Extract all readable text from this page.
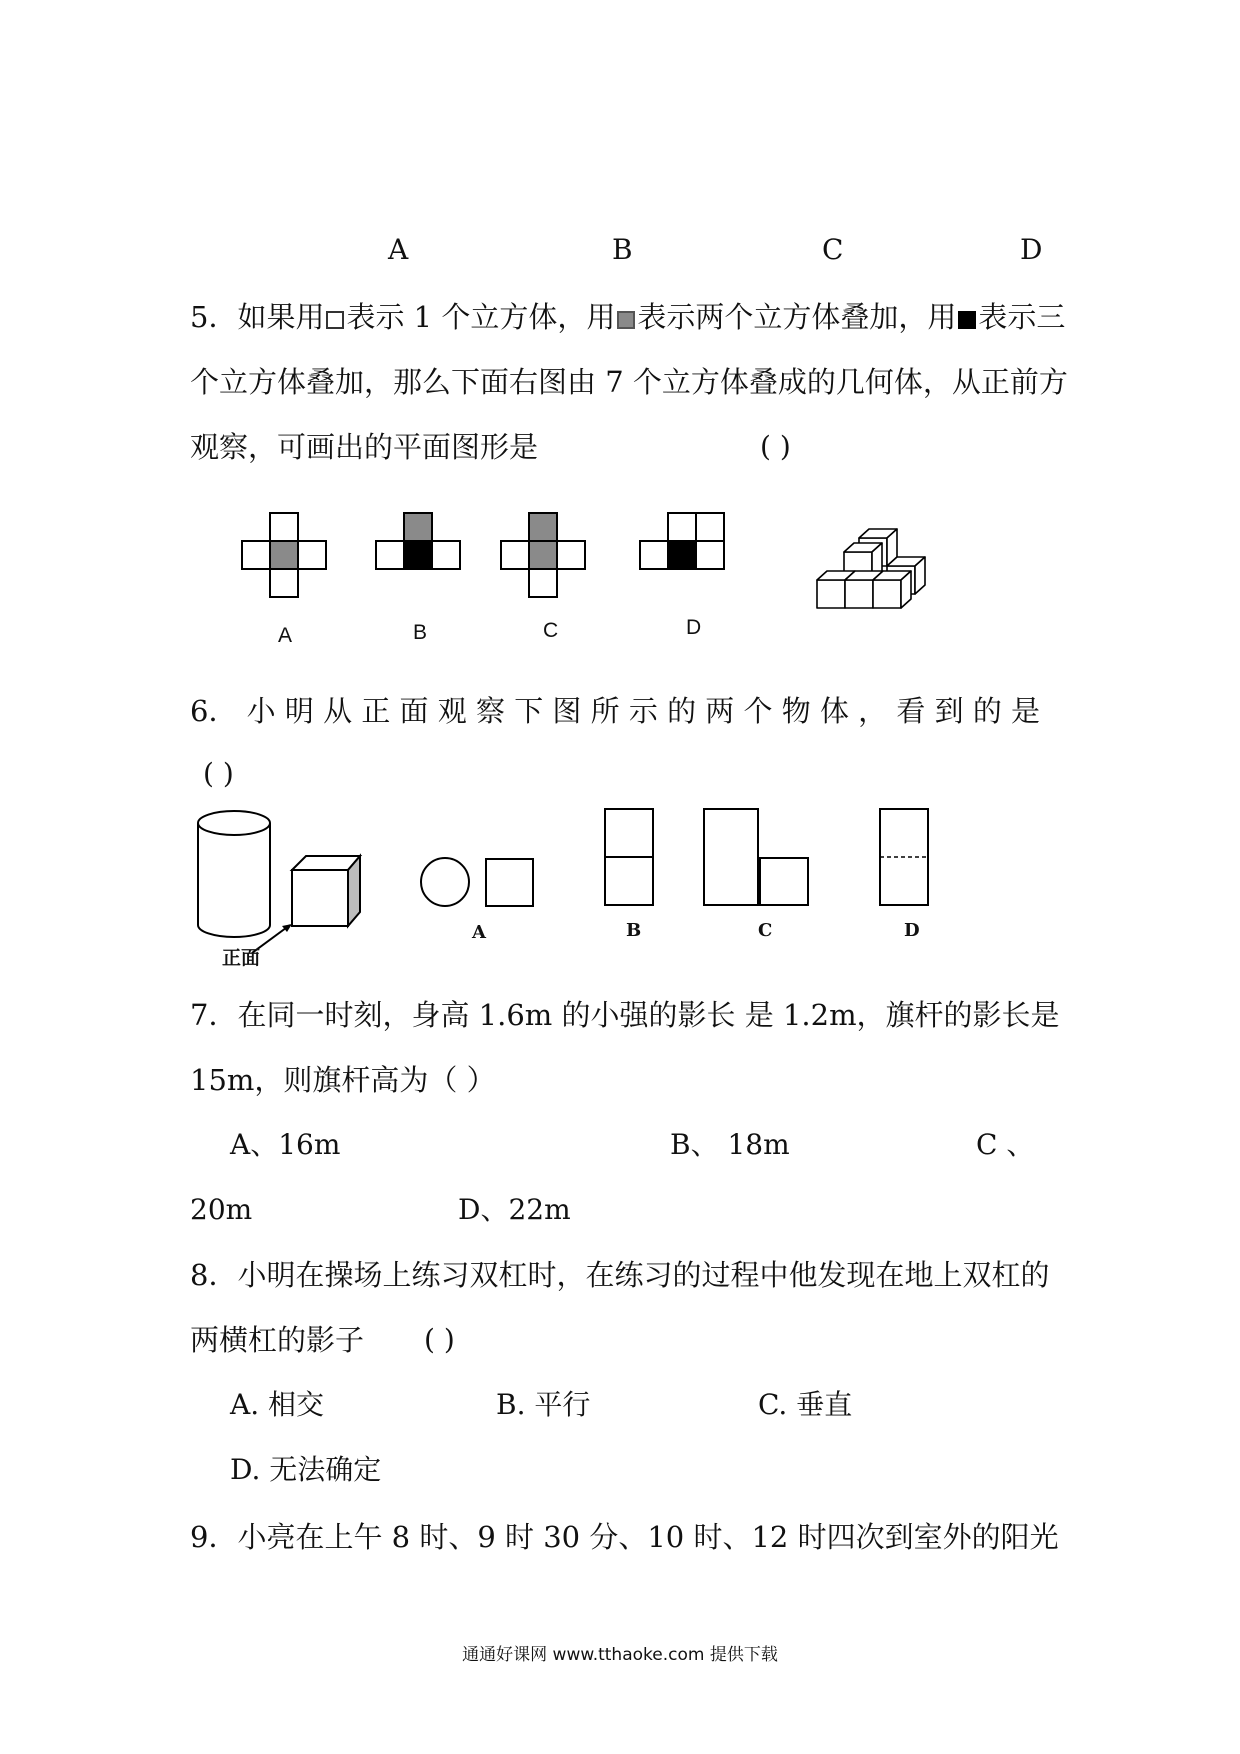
A	B	C	D
5．如果用 表示 1 个立方体，用 表示两个立方体叠加，用 表示三
个立方体叠加，那么下面右图由 7 个立方体叠成的几何体，从正前方
观察，可画出的平面图形是	( )
A	B	C	D
6． 小 明 从 正 面 观 察 下 图 所 示 的 两 个 物 体 ， 看 到 的 是
( )
正面
A	B	C	D
7．在同一时刻，身高 1.6m 的小强的影长 是 1.2m，旗杆的影长是
15m，则旗杆高为（ ）
A、16m	B、 18m	C 、
20m	D、22m
8．小明在操场上练习双杠时，在练习的过程中他发现在地上双杠的
两横杠的影子 ( )
A. 相交	B. 平行	C. 垂直
D. 无法确定
9．小亮在上午 8 时、9 时 30 分、10 时、12 时四次到室外的阳光
通通好课网 www.tthaoke.com 提供下载
